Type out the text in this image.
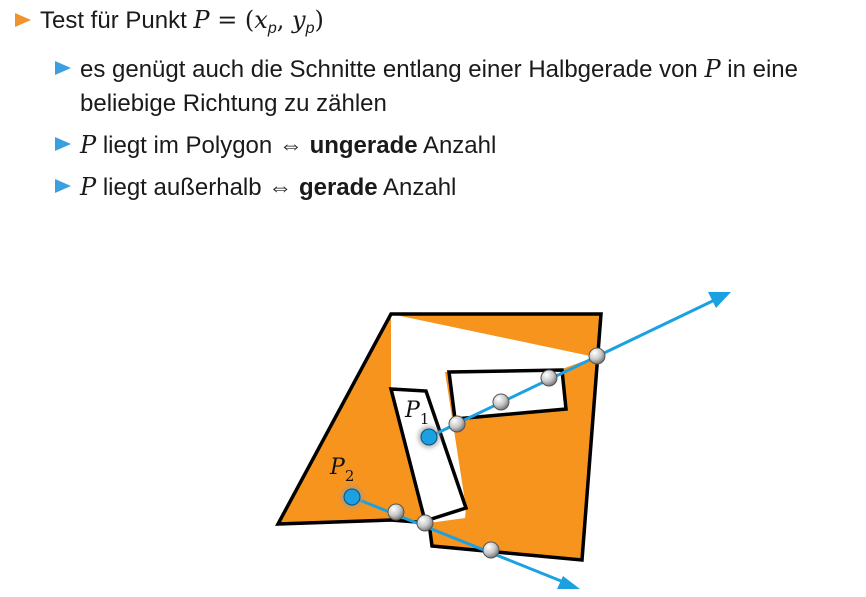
Test für Punkt $P = (x_p$, $y_p$)
es genügt auch die Schnitte entlang einer Halbgerade von P in eine
beliebige Richtung zu zählen
P liegt im Polygon ⇔ ungerade Anzahl
P liegt außerhalb ⇔ gerade Anzahl
$P_1$
$P_2$
